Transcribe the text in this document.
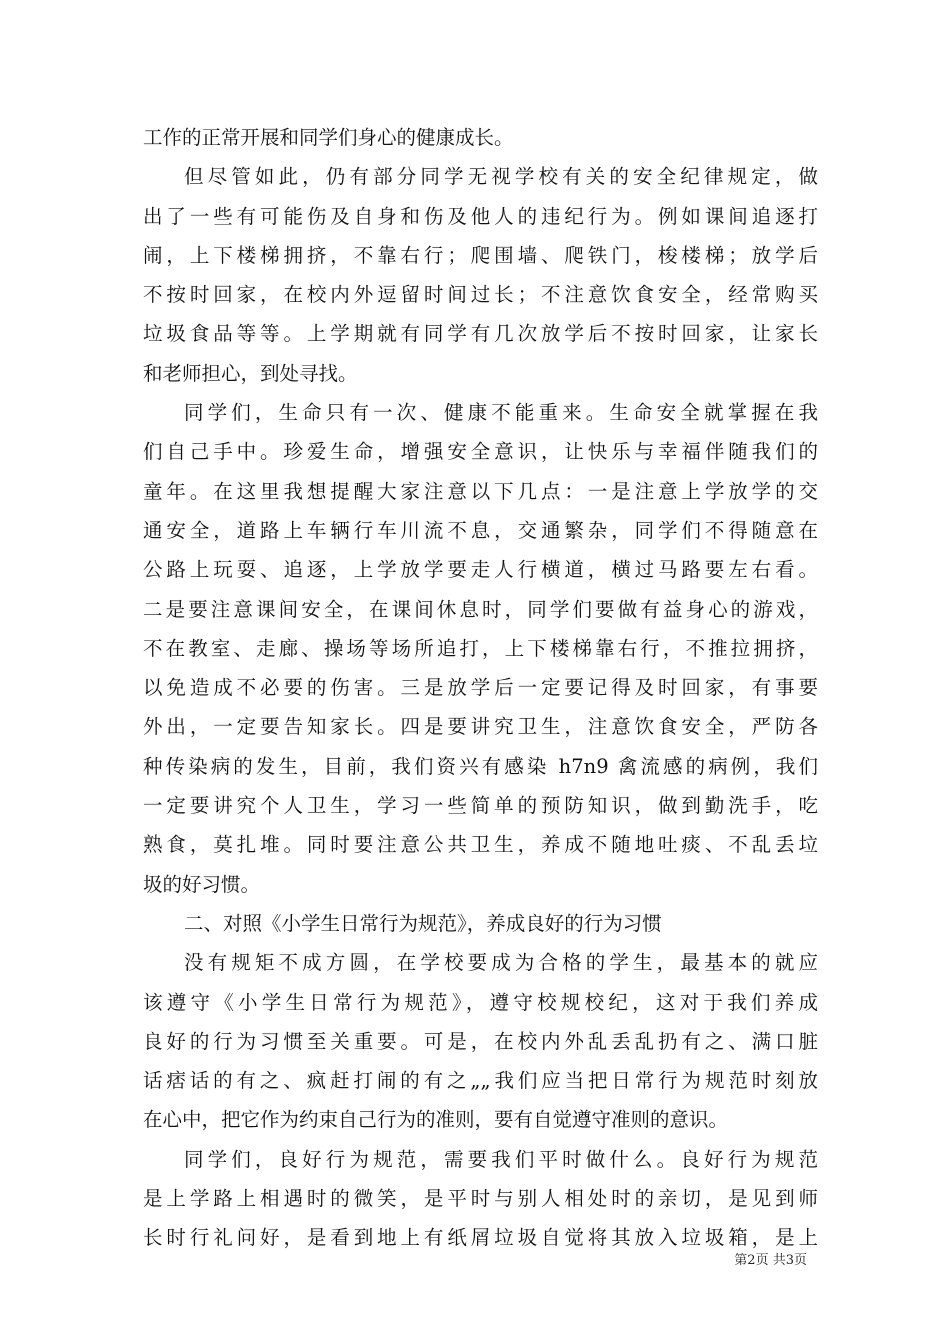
工作的正常开展和同学们身心的健康成长。
但尽管如此，仍有部分同学无视学校有关的安全纪律规定，做
出了一些有可能伤及自身和伤及他人的违纪行为。例如课间追逐打
闹，上下楼梯拥挤，不靠右行；爬围墙、爬铁门，梭楼梯；放学后
不按时回家，在校内外逗留时间过长；不注意饮食安全，经常购买
垃圾食品等等。上学期就有同学有几次放学后不按时回家，让家长
和老师担心，到处寻找。
同学们，生命只有一次、健康不能重来。生命安全就掌握在我
们自己手中。珍爱生命，增强安全意识，让快乐与幸福伴随我们的
童年。在这里我想提醒大家注意以下几点：一是注意上学放学的交
通安全，道路上车辆行车川流不息，交通繁杂，同学们不得随意在
公路上玩耍、追逐，上学放学要走人行横道，横过马路要左右看。
二是要注意课间安全，在课间休息时，同学们要做有益身心的游戏，
不在教室、走廊、操场等场所追打，上下楼梯靠右行，不推拉拥挤，
以免造成不必要的伤害。三是放学后一定要记得及时回家，有事要
外出，一定要告知家长。四是要讲究卫生，注意饮食安全，严防各
种传染病的发生，目前，我们资兴有感染 h7n9 禽流感的病例，我们
一定要讲究个人卫生，学习一些简单的预防知识，做到勤洗手，吃
熟食，莫扎堆。同时要注意公共卫生，养成不随地吐痰、不乱丢垃
圾的好习惯。
二、对照《小学生日常行为规范》，养成良好的行为习惯
没有规矩不成方圆，在学校要成为合格的学生，最基本的就应
该遵守《小学生日常行为规范》，遵守校规校纪，这对于我们养成
良好的行为习惯至关重要。可是，在校内外乱丢乱扔有之、满口脏
话痞话的有之、疯赶打闹的有之„„我们应当把日常行为规范时刻放
在心中，把它作为约束自己行为的准则，要有自觉遵守准则的意识。
同学们，良好行为规范，需要我们平时做什么。良好行为规范
是上学路上相遇时的微笑，是平时与别人相处时的亲切，是见到师
长时行礼问好，是看到地上有纸屑垃圾自觉将其放入垃圾箱，是上
第2页 共3页
